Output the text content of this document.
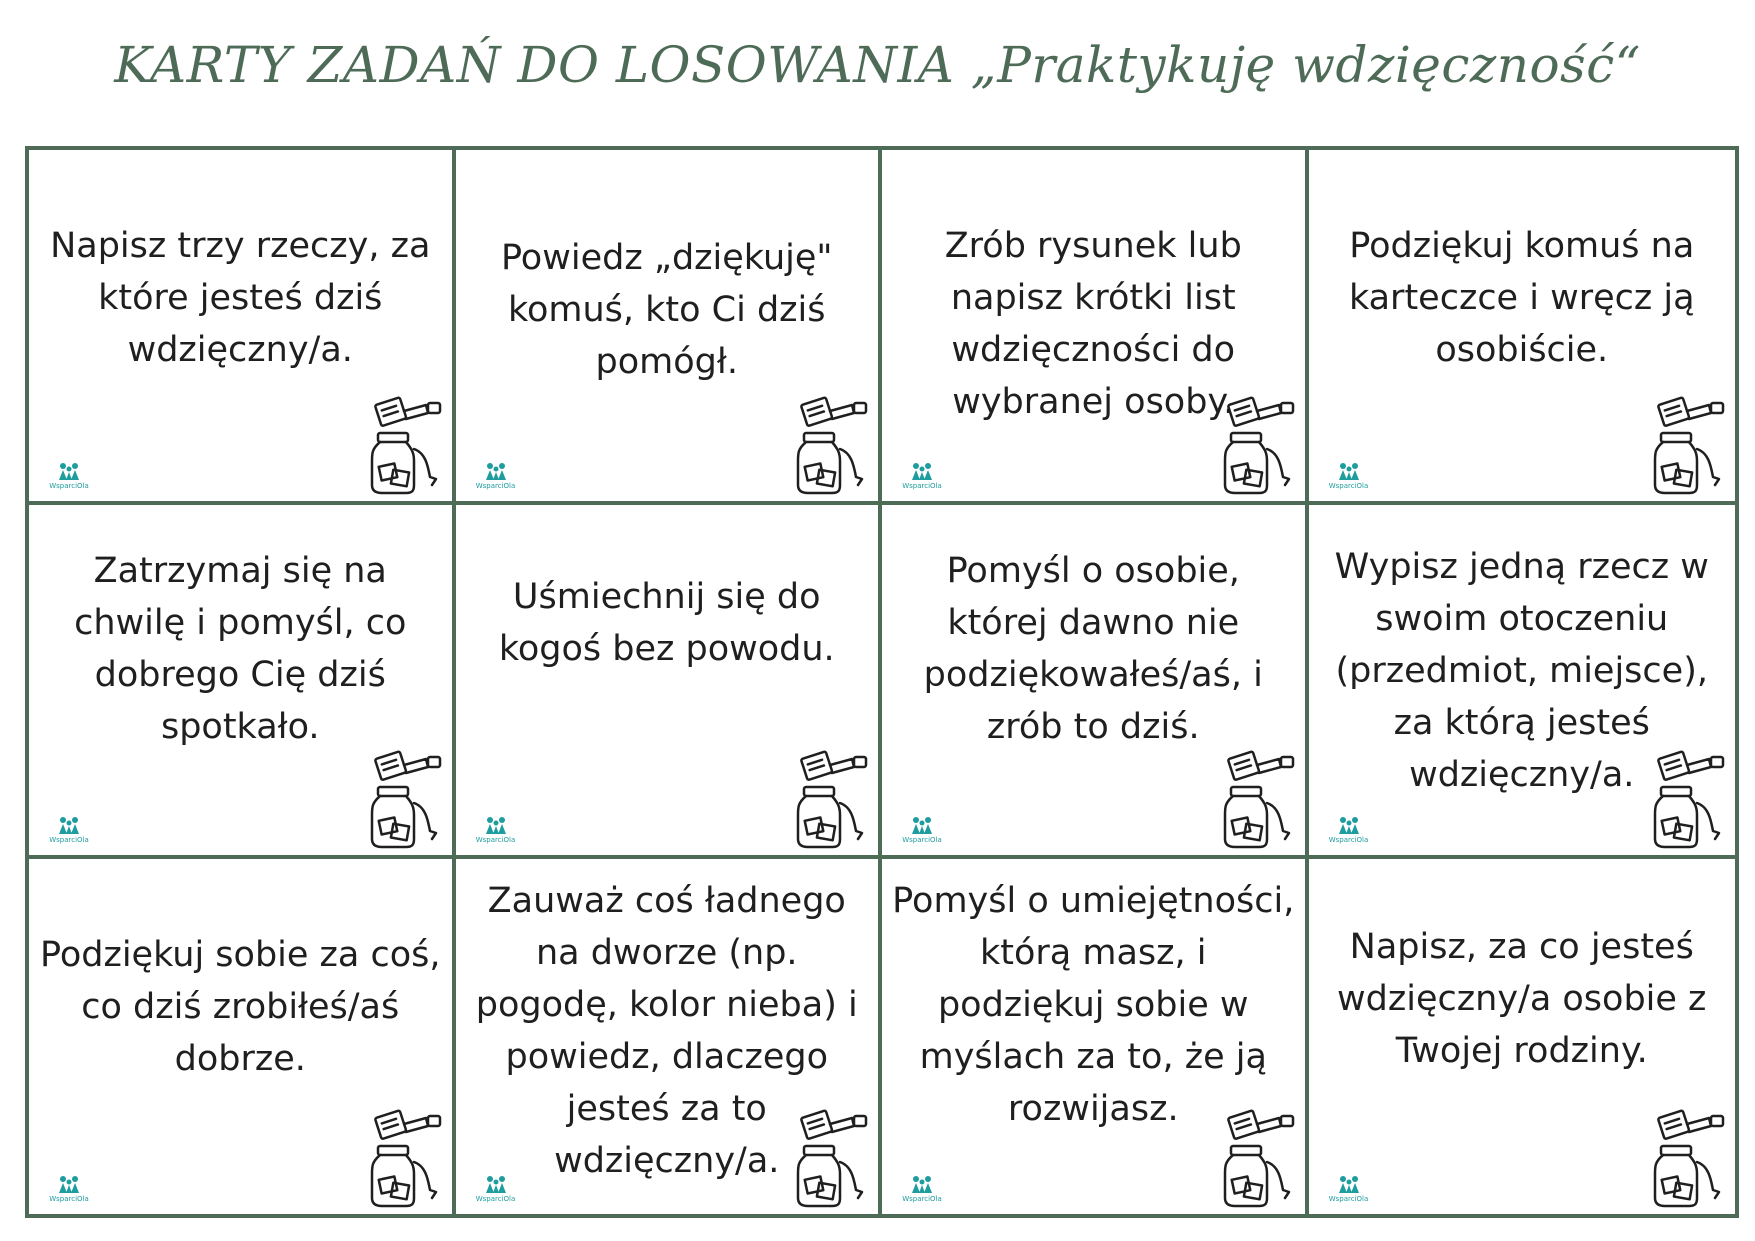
KARTY ZADAŃ DO LOSOWANIA „Praktykuję wdzięczność“
Napisz trzy rzeczy, za które jesteś dziś wdzięczny/a.
WsparciOla
Powiedz „dziękuję" komuś, kto Ci dziś pomógł.
WsparciOla
Zrób rysunek lub napisz krótki list wdzięczności do wybranej osoby.
WsparciOla
Podziękuj komuś na karteczce i wręcz ją osobiście.
WsparciOla
Zatrzymaj się na chwilę i pomyśl, co dobrego Cię dziś spotkało.
WsparciOla
Uśmiechnij się do kogoś bez powodu.
WsparciOla
Pomyśl o osobie, której dawno nie podziękowałeś/aś, i zrób to dziś.
WsparciOla
Wypisz jedną rzecz w swoim otoczeniu (przedmiot, miejsce), za którą jesteś wdzięczny/a.
WsparciOla
Podziękuj sobie za coś, co dziś zrobiłeś/aś dobrze.
WsparciOla
Zauważ coś ładnego na dworze (np. pogodę, kolor nieba) i powiedz, dlaczego jesteś za to wdzięczny/a.
WsparciOla
Pomyśl o umiejętności, którą masz, i podziękuj sobie w myślach za to, że ją rozwijasz.
WsparciOla
Napisz, za co jesteś wdzięczny/a osobie z Twojej rodziny.
WsparciOla
